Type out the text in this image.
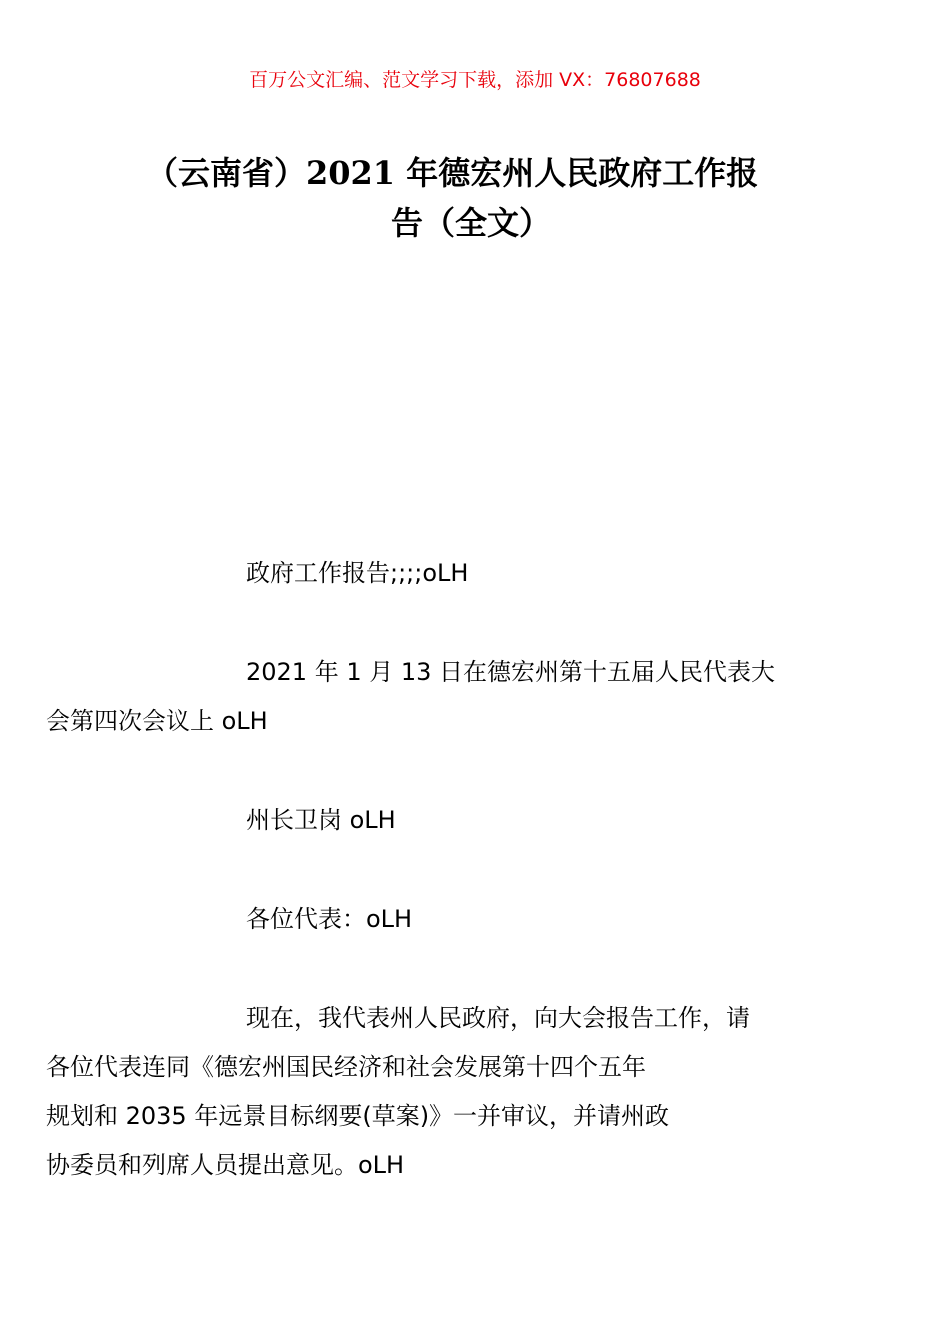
百万公文汇编、范文学习下载，添加 VX：76807688
（云南省）2021 年德宏州人民政府工作报
告（全文）

政府工作报告;;;;oLH

2021 年 1 月 13 日在德宏州第十五届人民代表大
会第四次会议上 oLH

州长卫岗 oLH

各位代表：oLH

现在，我代表州人民政府，向大会报告工作，请
各位代表连同《德宏州国民经济和社会发展第十四个五年
规划和 2035 年远景目标纲要(草案)》一并审议，并请州政
协委员和列席人员提出意见。oLH
